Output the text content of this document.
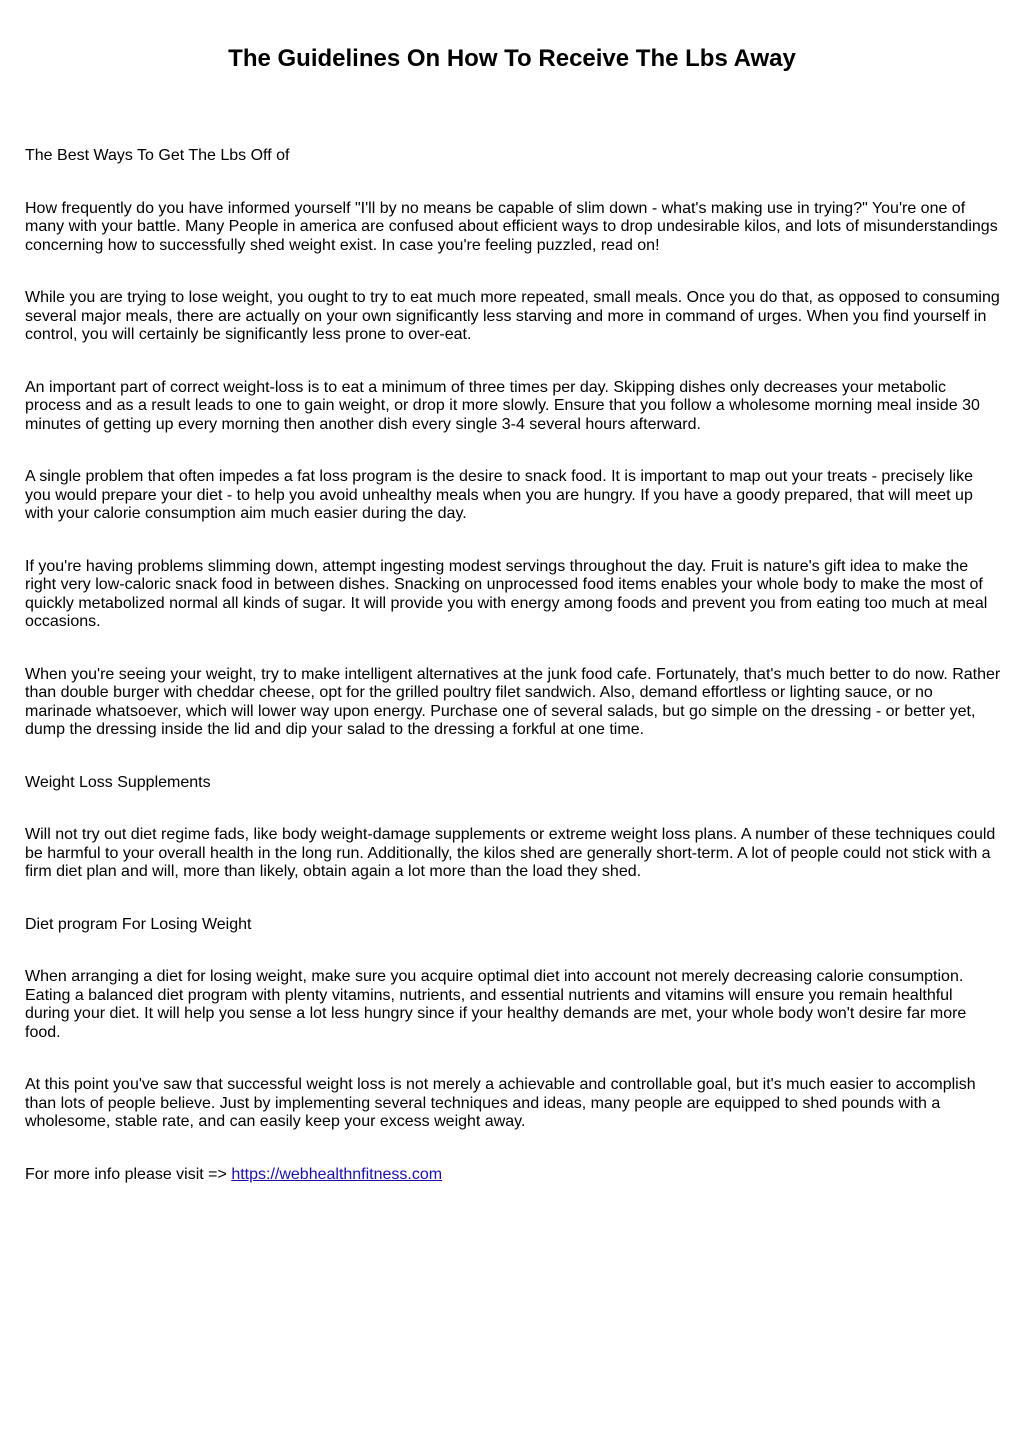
The Guidelines On How To Receive The Lbs Away

The Best Ways To Get The Lbs Off of

How frequently do you have informed yourself "I'll by no means be capable of slim down - what's making use in trying?" You're one of many with your battle. Many People in america are confused about efficient ways to drop undesirable kilos, and lots of misunderstandings concerning how to successfully shed weight exist. In case you're feeling puzzled, read on!

While you are trying to lose weight, you ought to try to eat much more repeated, small meals. Once you do that, as opposed to consuming several major meals, there are actually on your own significantly less starving and more in command of urges. When you find yourself in control, you will certainly be significantly less prone to over-eat.

An important part of correct weight-loss is to eat a minimum of three times per day. Skipping dishes only decreases your metabolic process and as a result leads to one to gain weight, or drop it more slowly. Ensure that you follow a wholesome morning meal inside 30 minutes of getting up every morning then another dish every single 3-4 several hours afterward.

A single problem that often impedes a fat loss program is the desire to snack food. It is important to map out your treats - precisely like you would prepare your diet - to help you avoid unhealthy meals when you are hungry. If you have a goody prepared, that will meet up with your calorie consumption aim much easier during the day.

If you're having problems slimming down, attempt ingesting modest servings throughout the day. Fruit is nature's gift idea to make the right very low-caloric snack food in between dishes. Snacking on unprocessed food items enables your whole body to make the most of quickly metabolized normal all kinds of sugar. It will provide you with energy among foods and prevent you from eating too much at meal occasions.

When you're seeing your weight, try to make intelligent alternatives at the junk food cafe. Fortunately, that's much better to do now. Rather than double burger with cheddar cheese, opt for the grilled poultry filet sandwich. Also, demand effortless or lighting sauce, or no marinade whatsoever, which will lower way upon energy. Purchase one of several salads, but go simple on the dressing - or better yet, dump the dressing inside the lid and dip your salad to the dressing a forkful at one time.

Weight Loss Supplements

Will not try out diet regime fads, like body weight-damage supplements or extreme weight loss plans. A number of these techniques could be harmful to your overall health in the long run. Additionally, the kilos shed are generally short-term. A lot of people could not stick with a firm diet plan and will, more than likely, obtain again a lot more than the load they shed.

Diet program For Losing Weight

When arranging a diet for losing weight, make sure you acquire optimal diet into account not merely decreasing calorie consumption. Eating a balanced diet program with plenty vitamins, nutrients, and essential nutrients and vitamins will ensure you remain healthful during your diet. It will help you sense a lot less hungry since if your healthy demands are met, your whole body won't desire far more food.

At this point you've saw that successful weight loss is not merely a achievable and controllable goal, but it's much easier to accomplish than lots of people believe. Just by implementing several techniques and ideas, many people are equipped to shed pounds with a wholesome, stable rate, and can easily keep your excess weight away.

For more info please visit => https://webhealthnfitness.com
